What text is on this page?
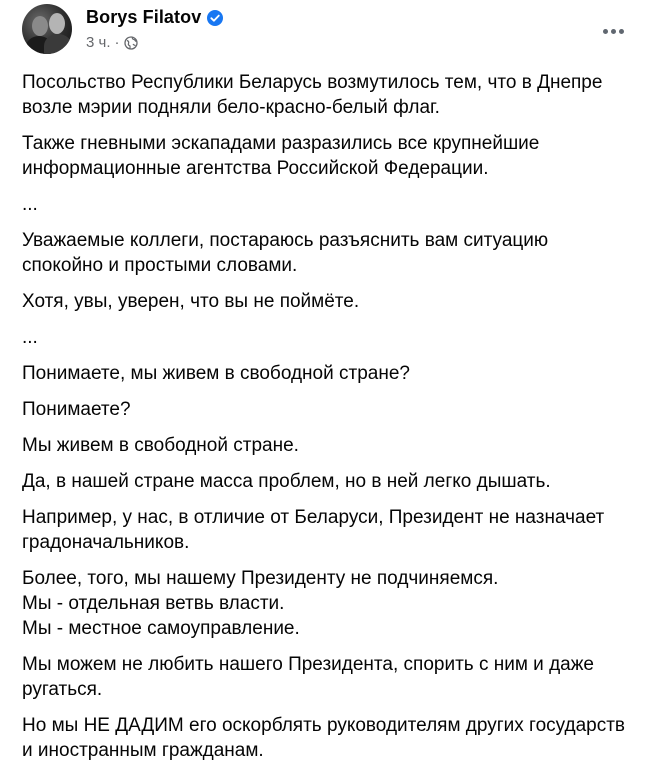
Borys Filatov
3 ч. ·

Посольство Республики Беларусь возмутилось тем, что в Днепре возле мэрии подняли бело-красно-белый флаг.

Также гневными эскападами разразились все крупнейшие информационные агентства Российской Федерации.

...

Уважаемые коллеги, постараюсь разъяснить вам ситуацию спокойно и простыми словами.

Хотя, увы, уверен, что вы не поймёте.

...

Понимаете, мы живем в свободной стране?

Понимаете?

Мы живем в свободной стране.

Да, в нашей стране масса проблем, но в ней легко дышать.

Например, у нас, в отличие от Беларуси, Президент не назначает градоначальников.

Более, того, мы нашему Президенту не подчиняемся.
Мы - отдельная ветвь власти.
Мы - местное самоуправление.

Мы можем не любить нашего Президента, спорить с ним и даже ругаться.

Но мы НЕ ДАДИМ его оскорблять руководителям других государств и иностранным гражданам.
